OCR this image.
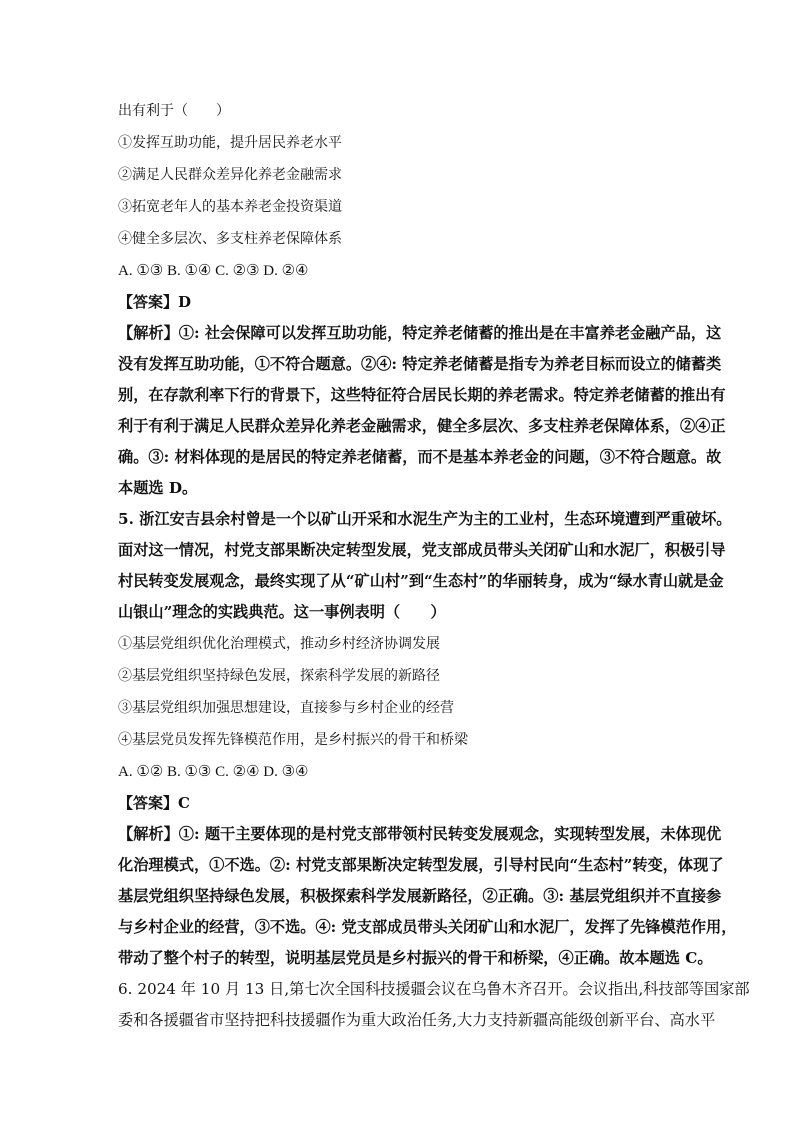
出有利于（　　）
①发挥互助功能，提升居民养老水平
②满足人民群众差异化养老金融需求
③拓宽老年人的基本养老金投资渠道
④健全多层次、多支柱养老保障体系
A. ①③ B. ①④ C. ②③ D. ②④
【答案】D
【解析】①: 社会保障可以发挥互助功能，特定养老储蓄的推出是在丰富养老金融产品，这
没有发挥互助功能，①不符合题意。②④: 特定养老储蓄是指专为养老目标而设立的储蓄类
别，在存款利率下行的背景下，这些特征符合居民长期的养老需求。特定养老储蓄的推出有
利于有利于满足人民群众差异化养老金融需求，健全多层次、多支柱养老保障体系，②④正
确。③: 材料体现的是居民的特定养老储蓄，而不是基本养老金的问题，③不符合题意。故
本题选 D。
5. 浙江安吉县余村曾是一个以矿山开采和水泥生产为主的工业村，生态环境遭到严重破坏。
面对这一情况，村党支部果断决定转型发展，党支部成员带头关闭矿山和水泥厂，积极引导
村民转变发展观念，最终实现了从“矿山村”到“生态村”的华丽转身，成为“绿水青山就是金
山银山”理念的实践典范。这一事例表明（　　）
①基层党组织优化治理模式，推动乡村经济协调发展
②基层党组织坚持绿色发展，探索科学发展的新路径
③基层党组织加强思想建设，直接参与乡村企业的经营
④基层党员发挥先锋模范作用，是乡村振兴的骨干和桥梁
A. ①② B. ①③ C. ②④ D. ③④
【答案】C
【解析】①: 题干主要体现的是村党支部带领村民转变发展观念，实现转型发展，未体现优
化治理模式，①不选。②: 村党支部果断决定转型发展，引导村民向“生态村”转变，体现了
基层党组织坚持绿色发展，积极探索科学发展新路径，②正确。③: 基层党组织并不直接参
与乡村企业的经营，③不选。④: 党支部成员带头关闭矿山和水泥厂，发挥了先锋模范作用，
带动了整个村子的转型，说明基层党员是乡村振兴的骨干和桥梁，④正确。故本题选 C。
6. 2024 年 10 月 13 日,第七次全国科技援疆会议在乌鲁木齐召开。会议指出,科技部等国家部
委和各援疆省市坚持把科技援疆作为重大政治任务,大力支持新疆高能级创新平台、高水平
